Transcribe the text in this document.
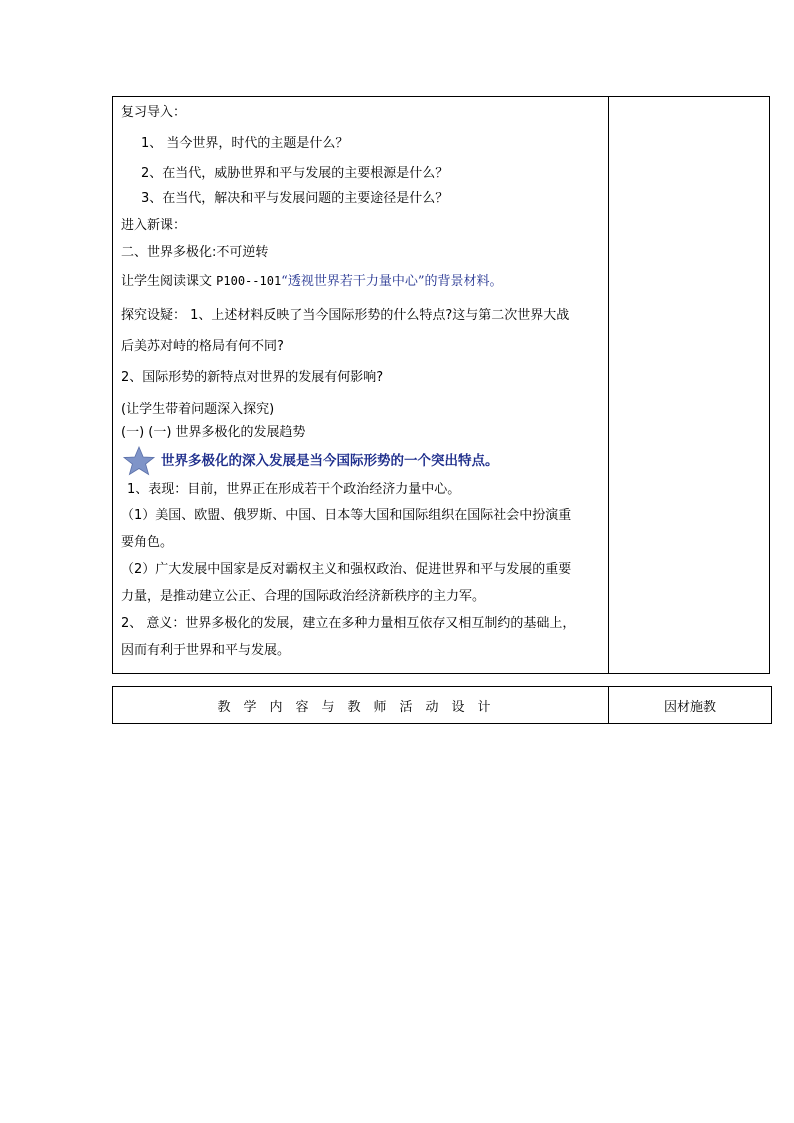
复习导入：
1、 当今世界，时代的主题是什么？
2、在当代，威胁世界和平与发展的主要根源是什么？
3、在当代，解决和平与发展问题的主要途径是什么？
进入新课：
二、世界多极化:不可逆转
让学生阅读课文 P100--101“透视世界若干力量中心”的背景材料。
探究设疑： 1、上述材料反映了当今国际形势的什么特点?这与第二次世界大战
后美苏对峙的格局有何不同?
2、国际形势的新特点对世界的发展有何影响?
(让学生带着问题深入探究)
(一) (一) 世界多极化的发展趋势
世界多极化的深入发展是当今国际形势的一个突出特点。
1、表现：目前，世界正在形成若干个政治经济力量中心。
（1）美国、欧盟、俄罗斯、中国、日本等大国和国际组织在国际社会中扮演重
要角色。
（2）广大发展中国家是反对霸权主义和强权政治、促进世界和平与发展的重要
力量，是推动建立公正、合理的国际政治经济新秩序的主力军。
2、 意义：世界多极化的发展，建立在多种力量相互依存又相互制约的基础上，
因而有利于世界和平与发展。
教学内容与教师活动设计	因材施教
